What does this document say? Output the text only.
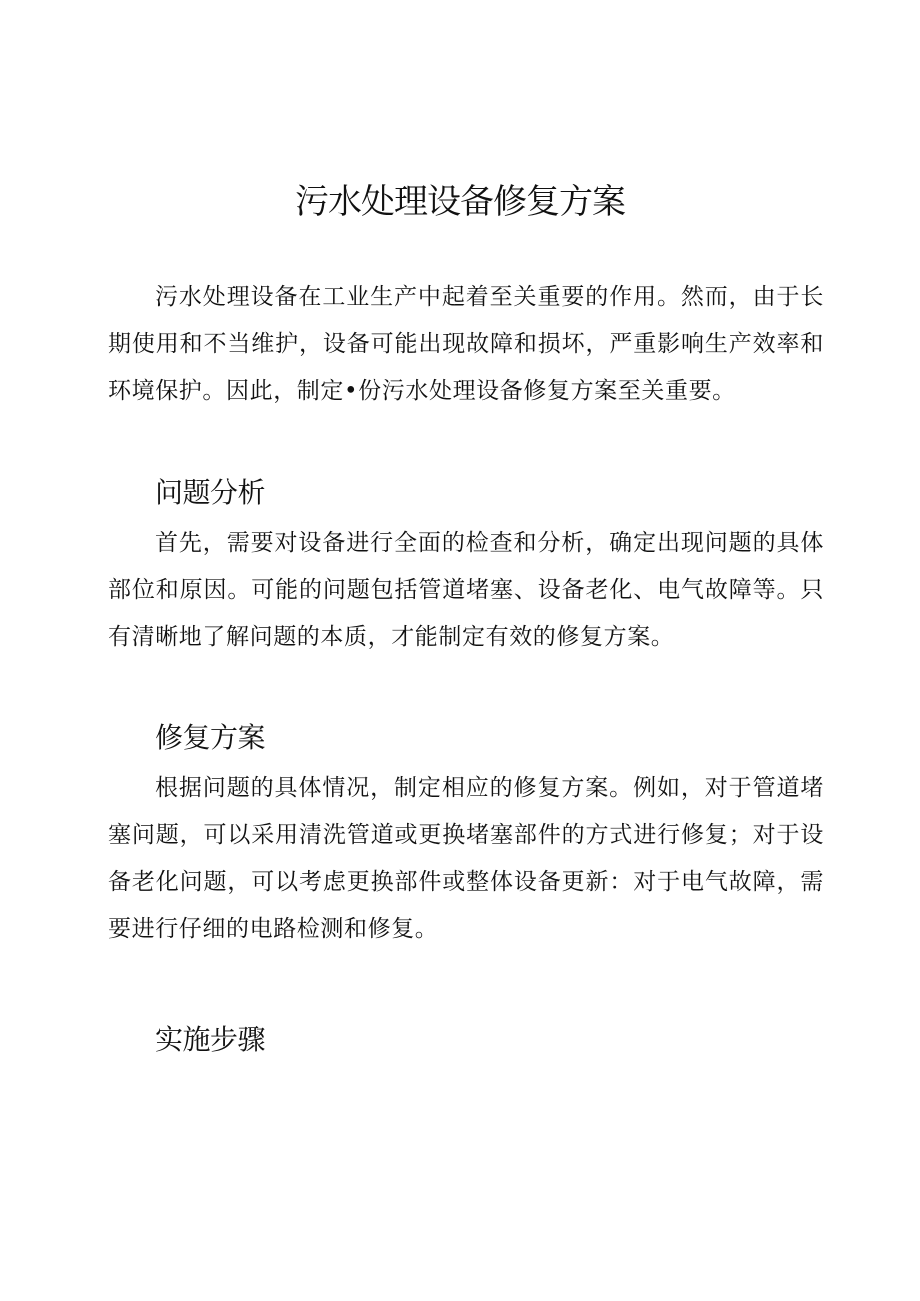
污水处理设备修复方案

污水处理设备在工业生产中起着至关重要的作用。然而，由于长期使用和不当维护，设备可能出现故障和损坏，严重影响生产效率和环境保护。因此，制定•份污水处理设备修复方案至关重要。

问题分析

首先，需要对设备进行全面的检查和分析，确定出现问题的具体部位和原因。可能的问题包括管道堵塞、设备老化、电气故障等。只有清晰地了解问题的本质，才能制定有效的修复方案。

修复方案

根据问题的具体情况，制定相应的修复方案。例如，对于管道堵塞问题，可以采用清洗管道或更换堵塞部件的方式进行修复；对于设备老化问题，可以考虑更换部件或整体设备更新：对于电气故障，需要进行仔细的电路检测和修复。

实施步骤
